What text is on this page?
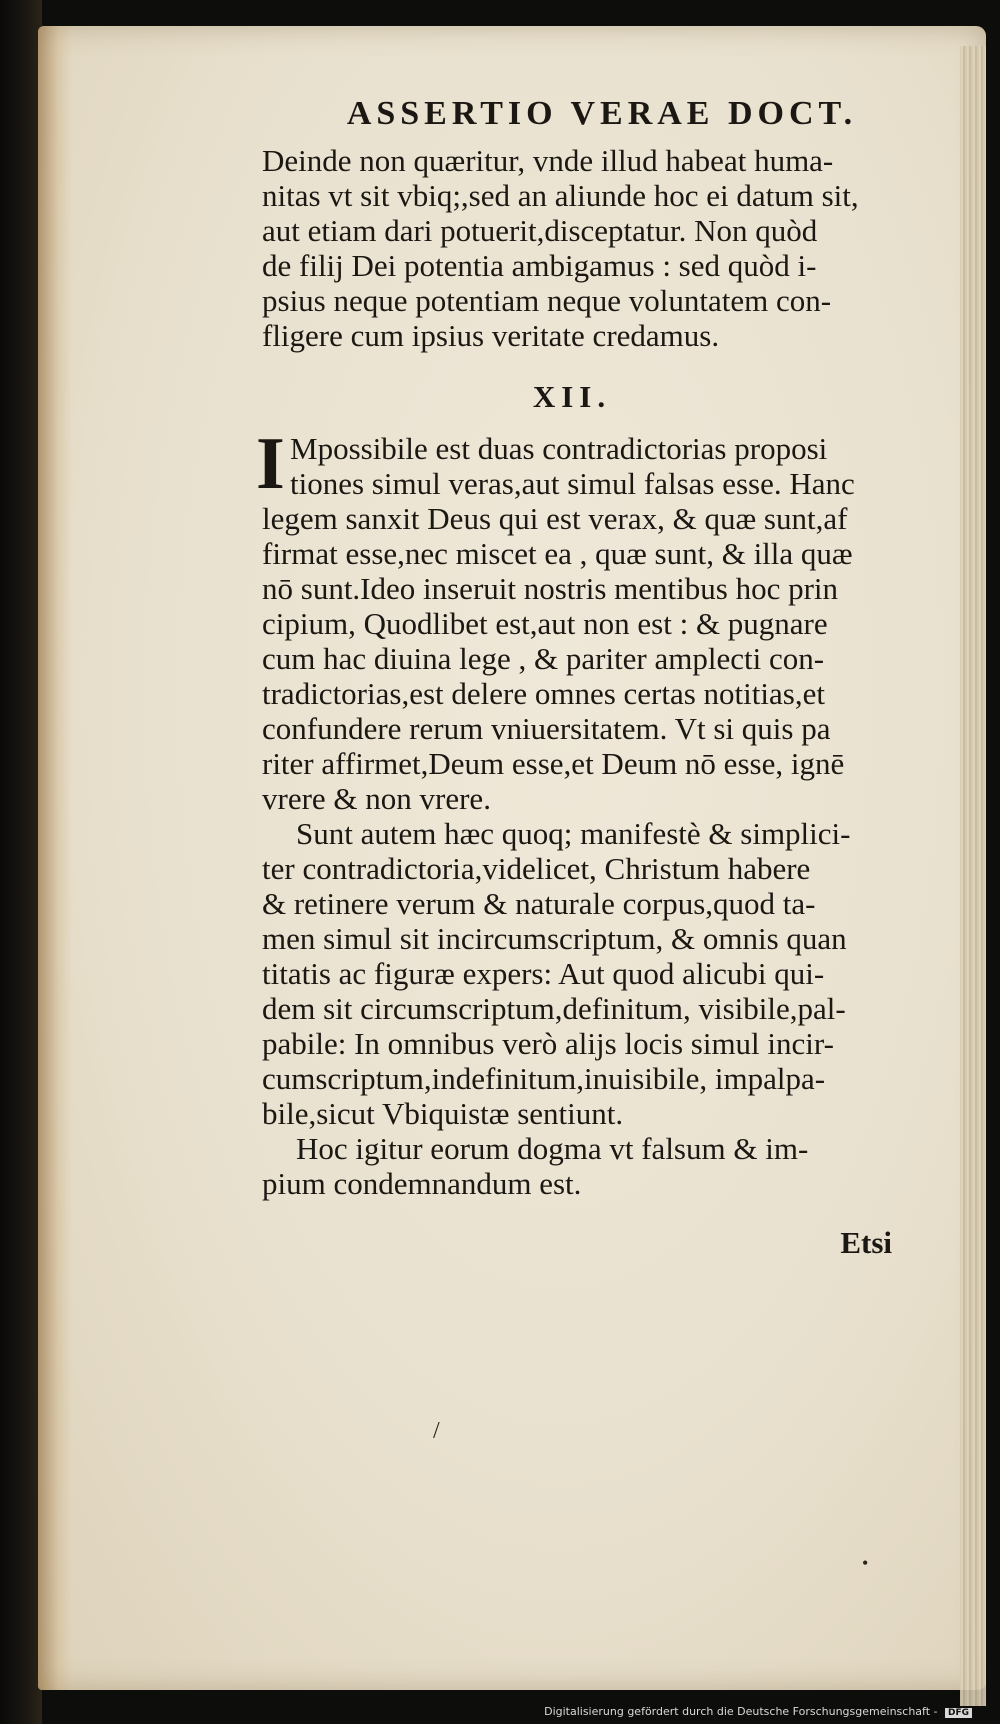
ASSERTIO VERAE DOCT.

Deinde non quæritur, vnde illud habeat huma-

nitas vt sit vbiq;,sed an aliunde hoc ei datum sit,

aut etiam dari potuerit,disceptatur. Non quòd

de filij Dei potentia ambigamus : sed quòd i-

psius neque potentiam neque voluntatem con-

fligere cum ipsius veritate credamus.

XII.

I Mpossibile est duas contradictorias proposi

tiones simul veras,aut simul falsas esse. Hanc

legem sanxit Deus qui est verax, & quæ sunt,af

firmat esse,nec miscet ea , quæ sunt, & illa quæ

nō sunt.Ideo inseruit nostris mentibus hoc prin

cipium, Quodlibet est,aut non est : & pugnare

cum hac diuina lege , & pariter amplecti con-

tradictorias,est delere omnes certas notitias,et

confundere rerum vniuersitatem. Vt si quis pa

riter affirmet,Deum esse,et Deum nō esse, ignē

vrere & non vrere.

Sunt autem hæc quoq; manifestè & simplici-

ter contradictoria,videlicet, Christum habere

& retinere verum & naturale corpus,quod ta-

men simul sit incircumscriptum, & omnis quan

titatis ac figuræ expers: Aut quod alicubi qui-

dem sit circumscriptum,definitum, visibile,pal-

pabile: In omnibus verò alijs locis simul incir-

cumscriptum,indefinitum,inuisibile, impalpa-

bile,sicut Vbiquistæ sentiunt.

Hoc igitur eorum dogma vt falsum & im-

pium condemnandum est.

Etsi
/
•
Digitalisierung gefördert durch die Deutsche Forschungsgemeinschaft - DFG
